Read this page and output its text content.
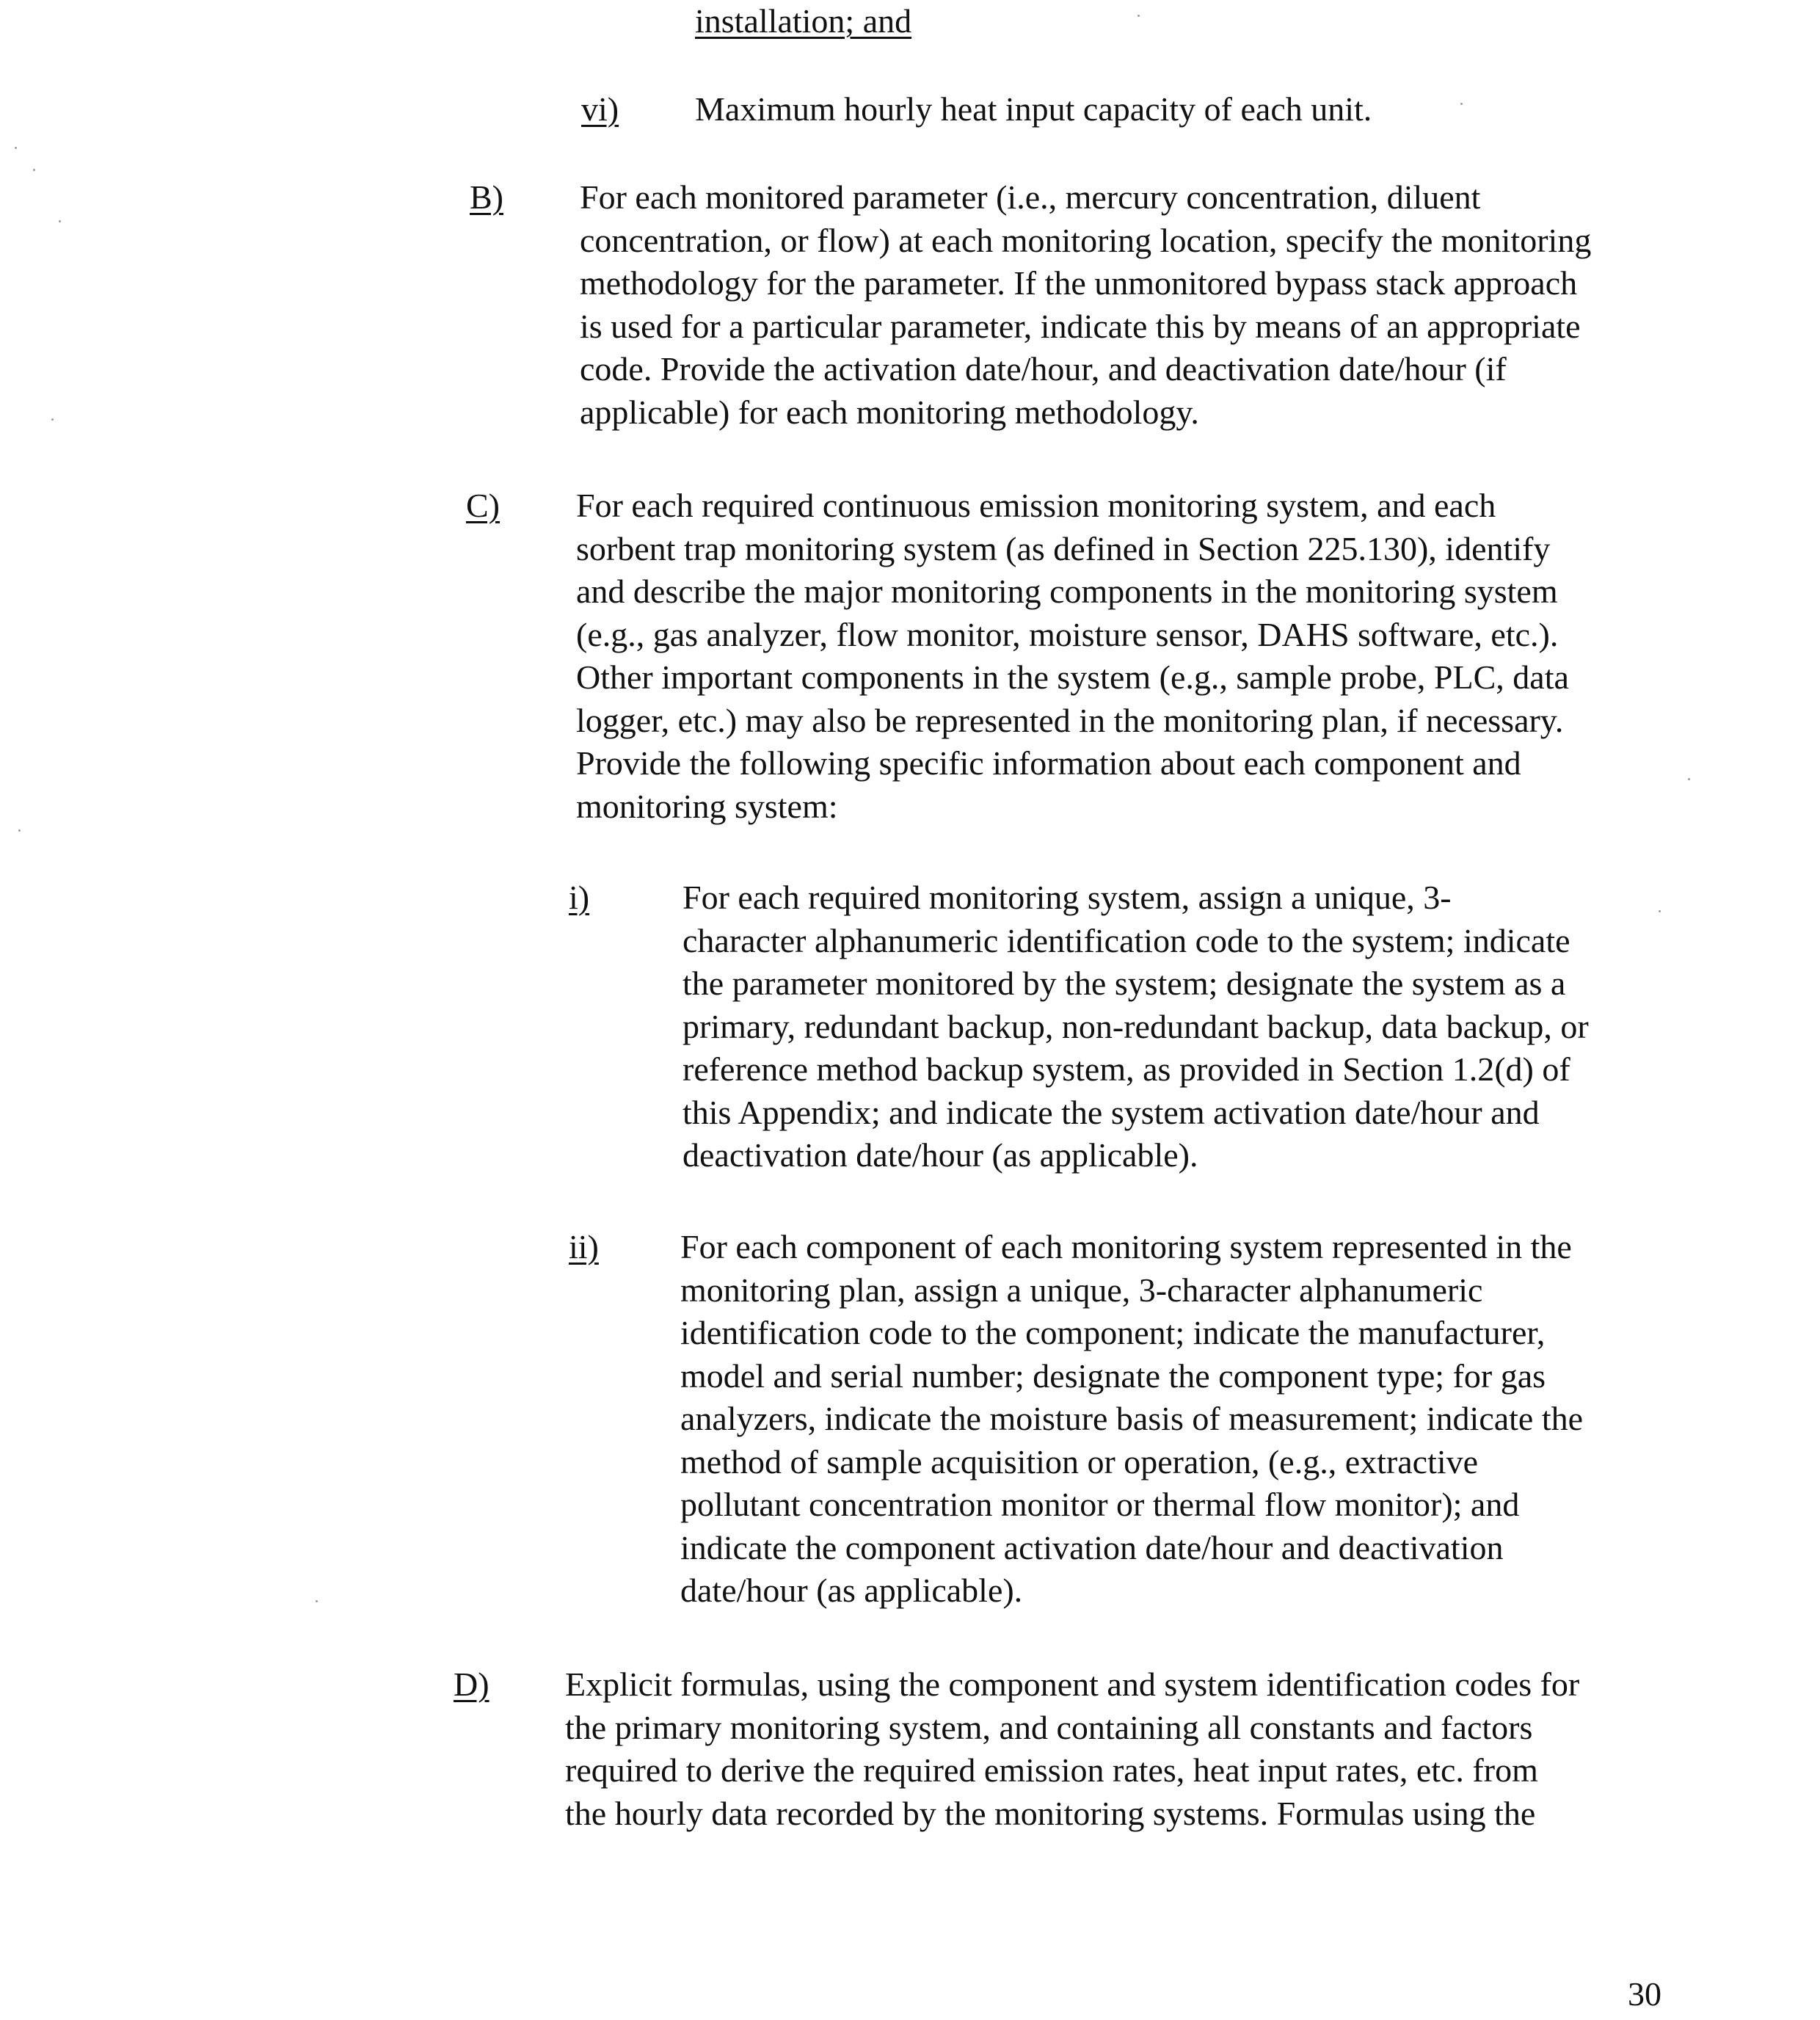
installation; and
vi)	Maximum hourly heat input capacity of each unit.
B)	For each monitored parameter (i.e., mercury concentration, diluent
concentration, or flow) at each monitoring location, specify the monitoring
methodology for the parameter. If the unmonitored bypass stack approach
is used for a particular parameter, indicate this by means of an appropriate
code. Provide the activation date/hour, and deactivation date/hour (if
applicable) for each monitoring methodology.
C)	For each required continuous emission monitoring system, and each
sorbent trap monitoring system (as defined in Section 225.130), identify
and describe the major monitoring components in the monitoring system
(e.g., gas analyzer, flow monitor, moisture sensor, DAHS software, etc.).
Other important components in the system (e.g., sample probe, PLC, data
logger, etc.) may also be represented in the monitoring plan, if necessary.
Provide the following specific information about each component and
monitoring system:
i)	For each required monitoring system, assign a unique, 3-
character alphanumeric identification code to the system; indicate
the parameter monitored by the system; designate the system as a
primary, redundant backup, non-redundant backup, data backup, or
reference method backup system, as provided in Section 1.2(d) of
this Appendix; and indicate the system activation date/hour and
deactivation date/hour (as applicable).
ii)	For each component of each monitoring system represented in the
monitoring plan, assign a unique, 3-character alphanumeric
identification code to the component; indicate the manufacturer,
model and serial number; designate the component type; for gas
analyzers, indicate the moisture basis of measurement; indicate the
method of sample acquisition or operation, (e.g., extractive
pollutant concentration monitor or thermal flow monitor); and
indicate the component activation date/hour and deactivation
date/hour (as applicable).
D)	Explicit formulas, using the component and system identification codes for
the primary monitoring system, and containing all constants and factors
required to derive the required emission rates, heat input rates, etc. from
the hourly data recorded by the monitoring systems. Formulas using the
30
